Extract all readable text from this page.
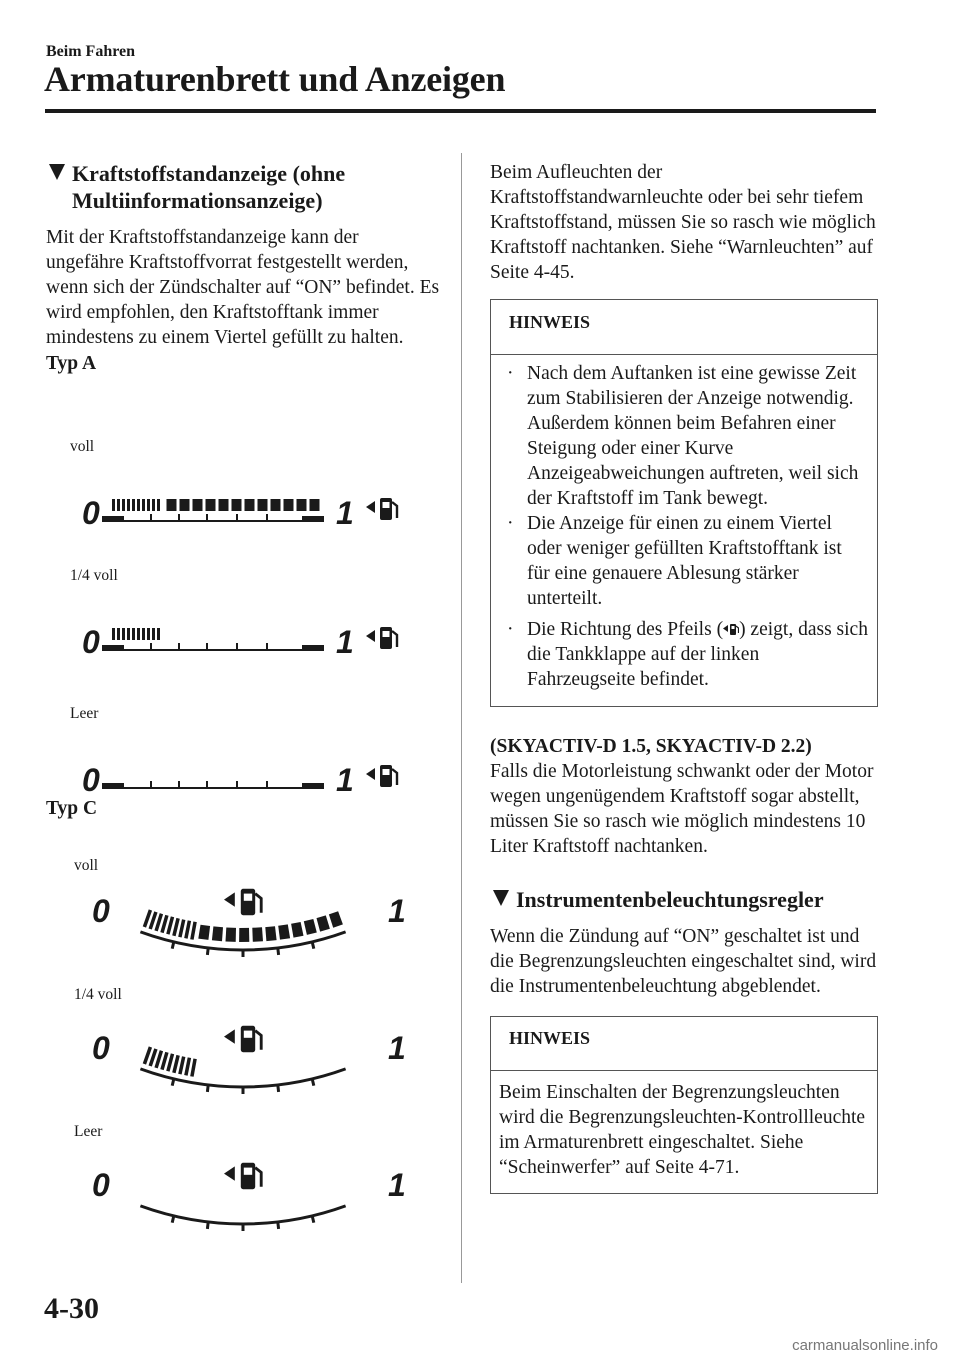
Beim Fahren
Armaturenbrett und Anzeigen
Kraftstoffstandanzeige (ohne Multiinformationsanzeige)

Mit der Kraftstoffstandanzeige kann der ungefähre Kraftstoffvorrat festgestellt werden, wenn sich der Zündschalter auf “ON” befindet. Es wird empfohlen, den Kraftstofftank immer mindestens zu einem Viertel gefüllt zu halten.

Typ A
voll
0	1
1/4 voll
0	1
Leer
0	1
Typ C
voll
0	1
1/4 voll
0	1
Leer
0	1

Beim Aufleuchten der Kraftstoffstandwarnleuchte oder bei sehr tiefem Kraftstoffstand, müssen Sie so rasch wie möglich Kraftstoff nachtanken. Siehe “Warnleuchten” auf Seite 4-45.

HINWEIS
· Nach dem Auftanken ist eine gewisse Zeit zum Stabilisieren der Anzeige notwendig. Außerdem können beim Befahren einer Steigung oder einer Kurve Anzeigeabweichungen auftreten, weil sich der Kraftstoff im Tank bewegt.
· Die Anzeige für einen zu einem Viertel oder weniger gefüllten Kraftstofftank ist für eine genauere Ablesung stärker unterteilt.
· Die Richtung des Pfeils ( ) zeigt, dass sich die Tankklappe auf der linken Fahrzeugseite befindet.
(SKYACTIV-D 1.5, SKYACTIV-D 2.2)

Falls die Motorleistung schwankt oder der Motor wegen ungenügendem Kraftstoff sogar abstellt, müssen Sie so rasch wie möglich mindestens 10 Liter Kraftstoff nachtanken.

Instrumentenbeleuchtungsregler

Wenn die Zündung auf “ON” geschaltet ist und die Begrenzungsleuchten eingeschaltet sind, wird die Instrumentenbeleuchtung abgeblendet.

HINWEIS

Beim Einschalten der Begrenzungsleuchten wird die Begrenzungsleuchten-Kontrollleuchte im Armaturenbrett eingeschaltet. Siehe “Scheinwerfer” auf Seite 4-71.

4-30
carmanualsonline.info
